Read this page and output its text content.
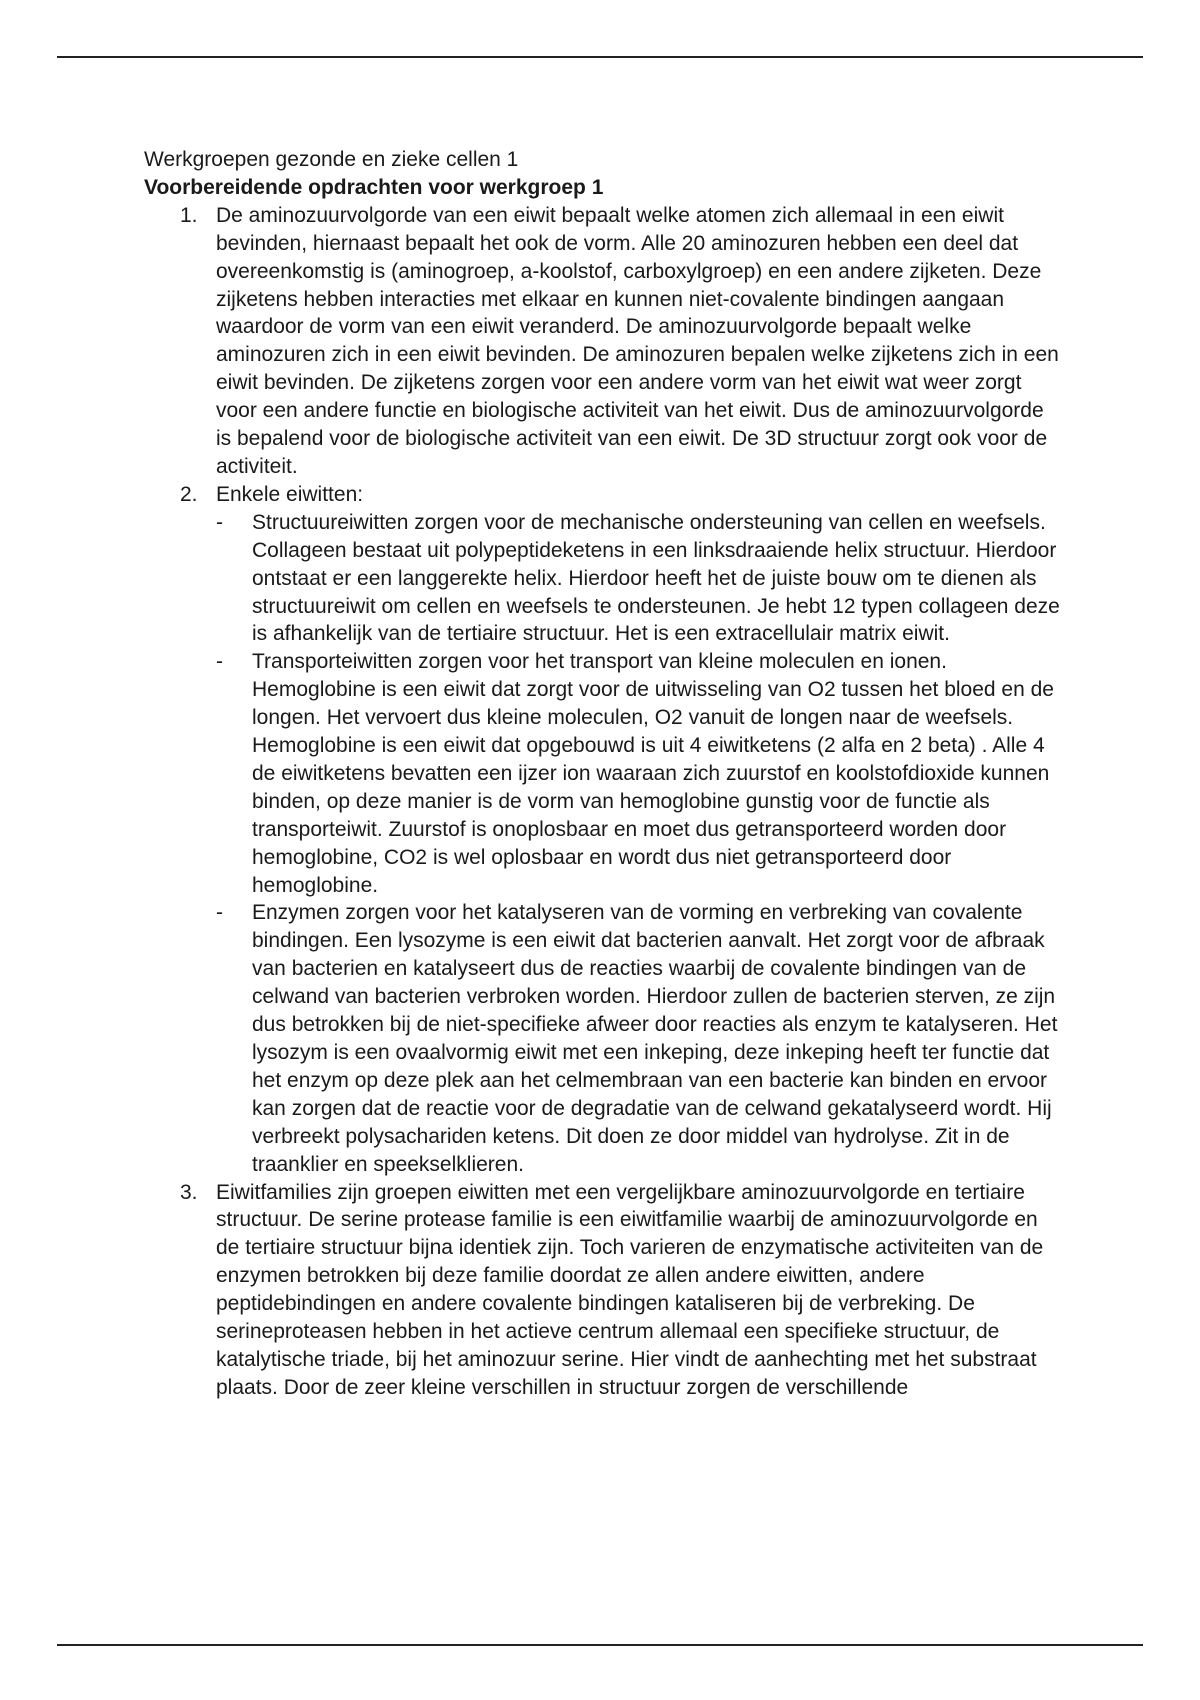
Werkgroepen gezonde en zieke cellen 1

Voorbereidende opdrachten voor werkgroep 1

1. De aminozuurvolgorde van een eiwit bepaalt welke atomen zich allemaal in een eiwit bevinden, hiernaast bepaalt het ook de vorm. Alle 20 aminozuren hebben een deel dat overeenkomstig is (aminogroep, a-koolstof, carboxylgroep) en een andere zijketen. Deze zijketens hebben interacties met elkaar en kunnen niet-covalente bindingen aangaan waardoor de vorm van een eiwit veranderd. De aminozuurvolgorde bepaalt welke aminozuren zich in een eiwit bevinden. De aminozuren bepalen welke zijketens zich in een eiwit bevinden. De zijketens zorgen voor een andere vorm van het eiwit wat weer zorgt voor een andere functie en biologische activiteit van het eiwit. Dus de aminozuurvolgorde is bepalend voor de biologische activiteit van een eiwit. De 3D structuur zorgt ook voor de activiteit.
2. Enkele eiwitten:
- Structuureiwitten zorgen voor de mechanische ondersteuning van cellen en weefsels. Collageen bestaat uit polypeptideketens in een linksdraaiende helix structuur. Hierdoor ontstaat er een langgerekte helix. Hierdoor heeft het de juiste bouw om te dienen als structuureiwit om cellen en weefsels te ondersteunen. Je hebt 12 typen collageen deze is afhankelijk van de tertiaire structuur. Het is een extracellulair matrix eiwit.
- Transporteiwitten zorgen voor het transport van kleine moleculen en ionen. Hemoglobine is een eiwit dat zorgt voor de uitwisseling van O2 tussen het bloed en de longen. Het vervoert dus kleine moleculen, O2 vanuit de longen naar de weefsels. Hemoglobine is een eiwit dat opgebouwd is uit 4 eiwitketens (2 alfa en 2 beta) . Alle 4 de eiwitketens bevatten een ijzer ion waaraan zich zuurstof en koolstofdioxide kunnen binden, op deze manier is de vorm van hemoglobine gunstig voor de functie als transporteiwit. Zuurstof is onoplosbaar en moet dus getransporteerd worden door hemoglobine, CO2 is wel oplosbaar en wordt dus niet getransporteerd door hemoglobine.
- Enzymen zorgen voor het katalyseren van de vorming en verbreking van covalente bindingen. Een lysozyme is een eiwit dat bacterien aanvalt. Het zorgt voor de afbraak van bacterien en katalyseert dus de reacties waarbij de covalente bindingen van de celwand van bacterien verbroken worden. Hierdoor zullen de bacterien sterven, ze zijn dus betrokken bij de niet-specifieke afweer door reacties als enzym te katalyseren. Het lysozym is een ovaalvormig eiwit met een inkeping, deze inkeping heeft ter functie dat het enzym op deze plek aan het celmembraan van een bacterie kan binden en ervoor kan zorgen dat de reactie voor de degradatie van de celwand gekatalyseerd wordt. Hij verbreekt polysachariden ketens. Dit doen ze door middel van hydrolyse. Zit in de traanklier en speekselklieren.
3. Eiwitfamilies zijn groepen eiwitten met een vergelijkbare aminozuurvolgorde en tertiaire structuur. De serine protease familie is een eiwitfamilie waarbij de aminozuurvolgorde en de tertiaire structuur bijna identiek zijn. Toch varieren de enzymatische activiteiten van de enzymen betrokken bij deze familie doordat ze allen andere eiwitten, andere peptidebindingen en andere covalente bindingen kataliseren bij de verbreking. De serineproteasen hebben in het actieve centrum allemaal een specifieke structuur, de katalytische triade, bij het aminozuur serine. Hier vindt de aanhechting met het substraat plaats. Door de zeer kleine verschillen in structuur zorgen de verschillende
